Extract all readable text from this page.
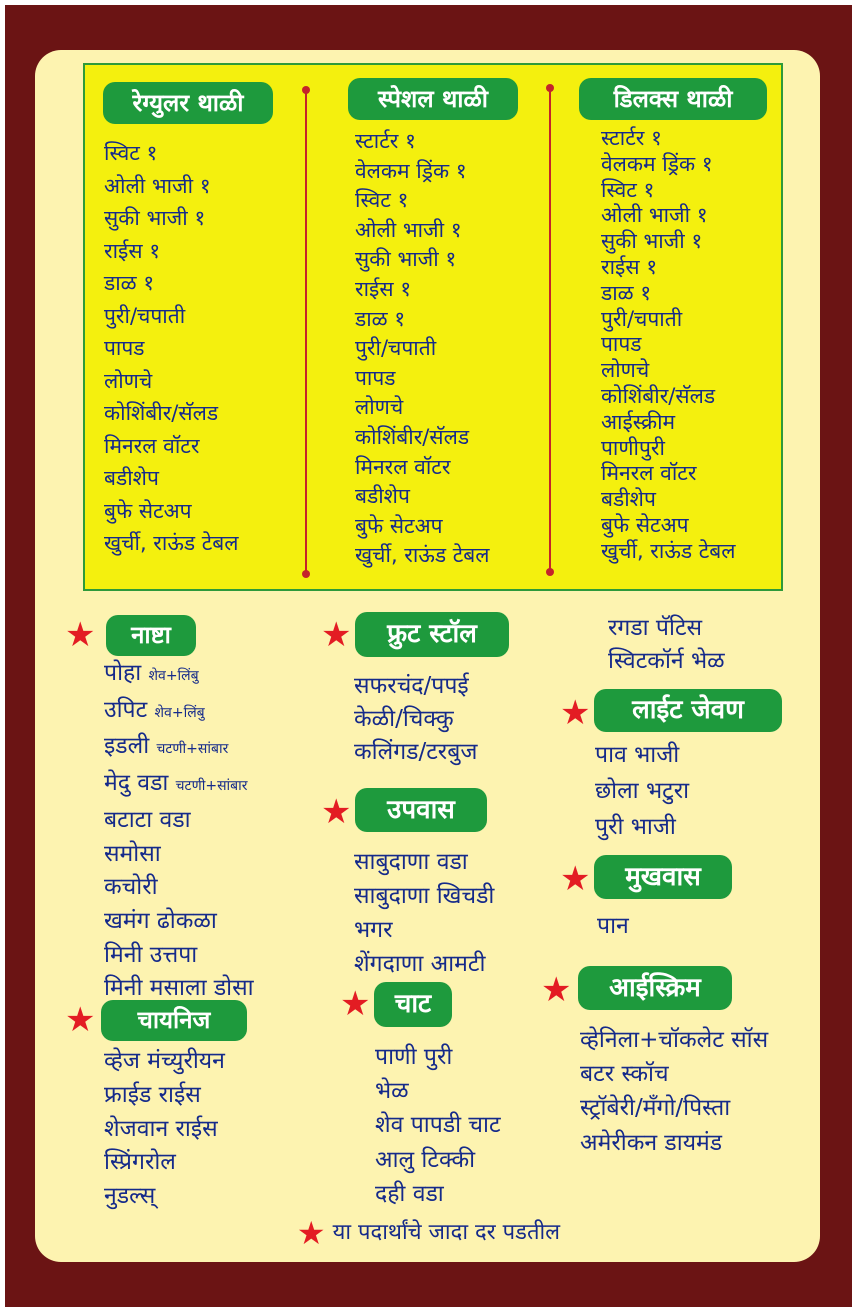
रेग्युलर थाळी
स्विट १
ओली भाजी १
सुकी भाजी १
राईस १
डाळ १
पुरी/चपाती
पापड
लोणचे
कोशिंबीर/सॅलड
मिनरल वॉटर
बडीशेप
बुफे सेटअप
खुर्ची, राऊंड टेबल
स्पेशल थाळी
स्टार्टर १
वेलकम ड्रिंक १
स्विट १
ओली भाजी १
सुकी भाजी १
राईस १
डाळ १
पुरी/चपाती
पापड
लोणचे
कोशिंबीर/सॅलड
मिनरल वॉटर
बडीशेप
बुफे सेटअप
खुर्ची, राऊंड टेबल
डिलक्स थाळी
स्टार्टर १
वेलकम ड्रिंक १
स्विट १
ओली भाजी १
सुकी भाजी १
राईस १
डाळ १
पुरी/चपाती
पापड
लोणचे
कोशिंबीर/सॅलड
आईस्क्रीम
पाणीपुरी
मिनरल वॉटर
बडीशेप
बुफे सेटअप
खुर्ची, राऊंड टेबल
★	नाष्टा
पोहा शेव+लिंबु
उपिट शेव+लिंबु
इडली चटणी+सांबार
मेदु वडा चटणी+सांबार
बटाटा वडा
समोसा
कचोरी
खमंग ढोकळा
मिनी उत्तपा
मिनी मसाला डोसा
★	चायनिज
व्हेज मंच्युरीयन
फ्राईड राईस
शेजवान राईस
स्प्रिंगरोल
नुडल्स्
★	फ्रुट स्टॉल
सफरचंद/पपई
केळी/चिक्कु
कलिंगड/टरबुज
★	उपवास
साबुदाणा वडा
साबुदाणा खिचडी
भगर
शेंगदाणा आमटी
★ चाट
पाणी पुरी
भेळ
शेव पापडी चाट
आलु टिक्की
दही वडा
रगडा पॅटिस
स्विटकॉर्न भेळ
★	लाईट जेवण
पाव भाजी
छोला भटुरा
पुरी भाजी
★	मुखवास
पान
★	आईस्क्रिम
व्हेनिला+चॉकलेट सॉस
बटर स्कॉच
स्ट्रॉबेरी/मँगो/पिस्ता
अमेरीकन डायमंड
★ या पदार्थांचे जादा दर पडतील
